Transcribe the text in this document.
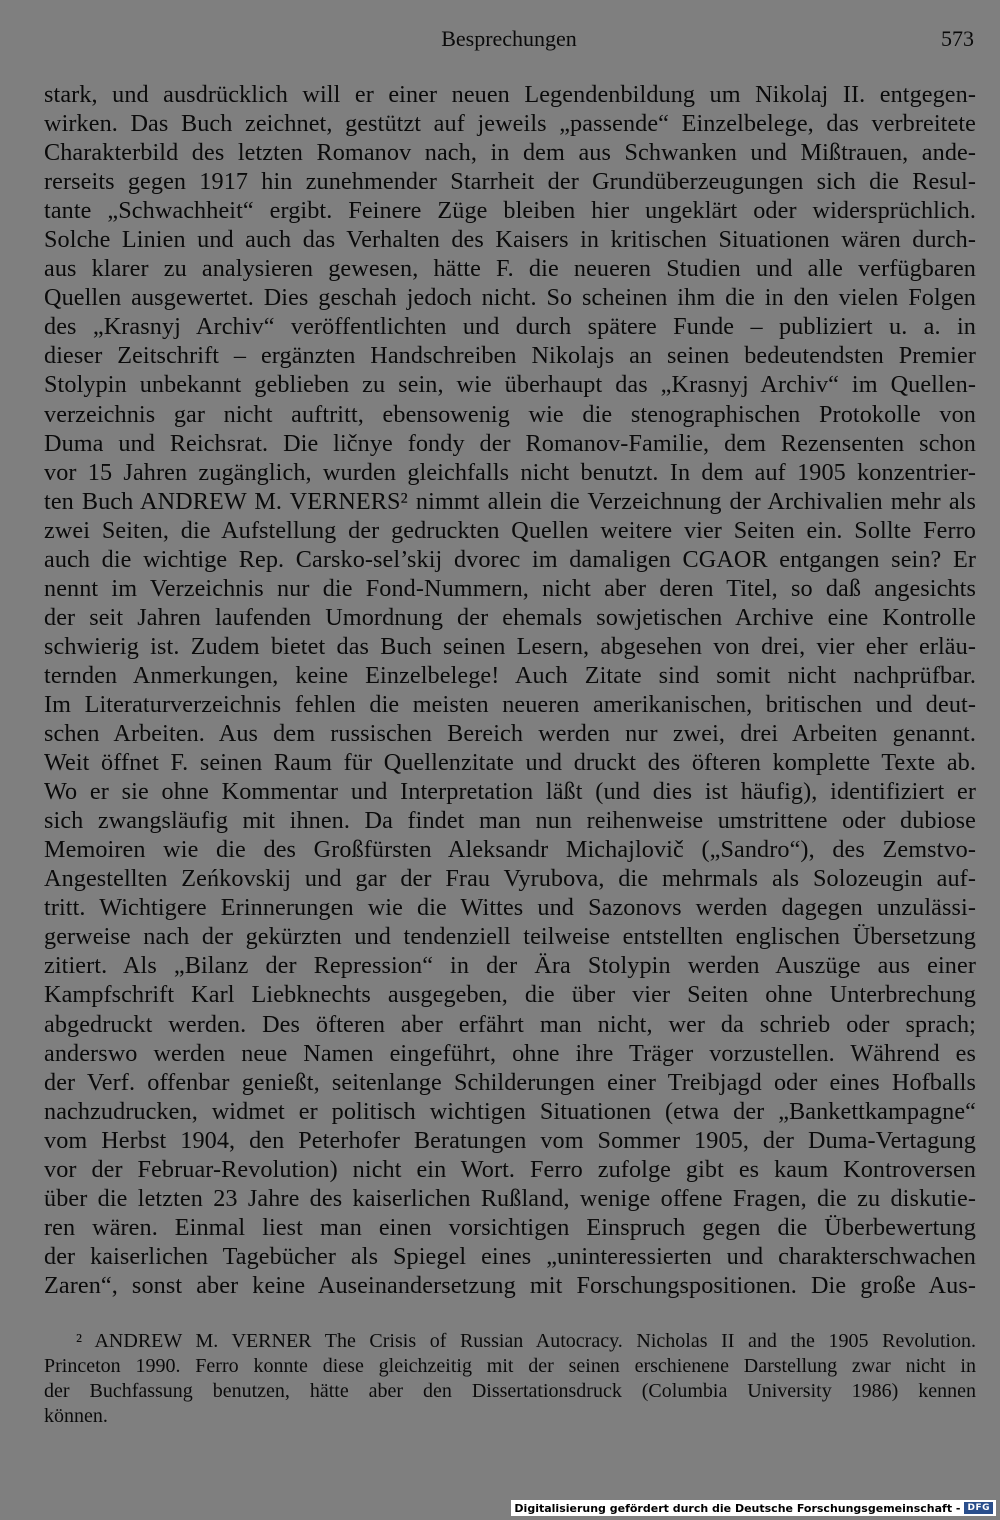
Besprechungen	573
stark, und ausdrücklich will er einer neuen Legendenbildung um Nikolaj II. entgegen-
wirken. Das Buch zeichnet, gestützt auf jeweils „passende“ Einzelbelege, das verbreitete
Charakterbild des letzten Romanov nach, in dem aus Schwanken und Mißtrauen, ande-
rerseits gegen 1917 hin zunehmender Starrheit der Grundüberzeugungen sich die Resul-
tante „Schwachheit“ ergibt. Feinere Züge bleiben hier ungeklärt oder widersprüchlich.
Solche Linien und auch das Verhalten des Kaisers in kritischen Situationen wären durch-
aus klarer zu analysieren gewesen, hätte F. die neueren Studien und alle verfügbaren
Quellen ausgewertet. Dies geschah jedoch nicht. So scheinen ihm die in den vielen Folgen
des „Krasnyj Archiv“ veröffentlichten und durch spätere Funde – publiziert u. a. in
dieser Zeitschrift – ergänzten Handschreiben Nikolajs an seinen bedeutendsten Premier
Stolypin unbekannt geblieben zu sein, wie überhaupt das „Krasnyj Archiv“ im Quellen-
verzeichnis gar nicht auftritt, ebensowenig wie die stenographischen Protokolle von
Duma und Reichsrat. Die ličnye fondy der Romanov-Familie, dem Rezensenten schon
vor 15 Jahren zugänglich, wurden gleichfalls nicht benutzt. In dem auf 1905 konzentrier-
ten Buch ANDREW M. VERNERS² nimmt allein die Verzeichnung der Archivalien mehr als
zwei Seiten, die Aufstellung der gedruckten Quellen weitere vier Seiten ein. Sollte Ferro
auch die wichtige Rep. Carsko-sel’skij dvorec im damaligen CGAOR entgangen sein? Er
nennt im Verzeichnis nur die Fond-Nummern, nicht aber deren Titel, so daß angesichts
der seit Jahren laufenden Umordnung der ehemals sowjetischen Archive eine Kontrolle
schwierig ist. Zudem bietet das Buch seinen Lesern, abgesehen von drei, vier eher erläu-
ternden Anmerkungen, keine Einzelbelege! Auch Zitate sind somit nicht nachprüfbar.
Im Literaturverzeichnis fehlen die meisten neueren amerikanischen, britischen und deut-
schen Arbeiten. Aus dem russischen Bereich werden nur zwei, drei Arbeiten genannt.
Weit öffnet F. seinen Raum für Quellenzitate und druckt des öfteren komplette Texte ab.
Wo er sie ohne Kommentar und Interpretation läßt (und dies ist häufig), identifiziert er
sich zwangsläufig mit ihnen. Da findet man nun reihenweise umstrittene oder dubiose
Memoiren wie die des Großfürsten Aleksandr Michajlovič („Sandro“), des Zemstvo-
Angestellten Zeńkovskij und gar der Frau Vyrubova, die mehrmals als Solozeugin auf-
tritt. Wichtigere Erinnerungen wie die Wittes und Sazonovs werden dagegen unzulässi-
gerweise nach der gekürzten und tendenziell teilweise entstellten englischen Übersetzung
zitiert. Als „Bilanz der Repression“ in der Ära Stolypin werden Auszüge aus einer
Kampfschrift Karl Liebknechts ausgegeben, die über vier Seiten ohne Unterbrechung
abgedruckt werden. Des öfteren aber erfährt man nicht, wer da schrieb oder sprach;
anderswo werden neue Namen eingeführt, ohne ihre Träger vorzustellen. Während es
der Verf. offenbar genießt, seitenlange Schilderungen einer Treibjagd oder eines Hofballs
nachzudrucken, widmet er politisch wichtigen Situationen (etwa der „Bankettkampagne“
vom Herbst 1904, den Peterhofer Beratungen vom Sommer 1905, der Duma-Vertagung
vor der Februar-Revolution) nicht ein Wort. Ferro zufolge gibt es kaum Kontroversen
über die letzten 23 Jahre des kaiserlichen Rußland, wenige offene Fragen, die zu diskutie-
ren wären. Einmal liest man einen vorsichtigen Einspruch gegen die Überbewertung
der kaiserlichen Tagebücher als Spiegel eines „uninteressierten und charakterschwachen
Zaren“, sonst aber keine Auseinandersetzung mit Forschungspositionen. Die große Aus-
² ANDREW M. VERNER The Crisis of Russian Autocracy. Nicholas II and the 1905 Revolution.
Princeton 1990. Ferro konnte diese gleichzeitig mit der seinen erschienene Darstellung zwar nicht in
der Buchfassung benutzen, hätte aber den Dissertationsdruck (Columbia University 1986) kennen
können.
Digitalisierung gefördert durch die Deutsche Forschungsgemeinschaft - DFG
